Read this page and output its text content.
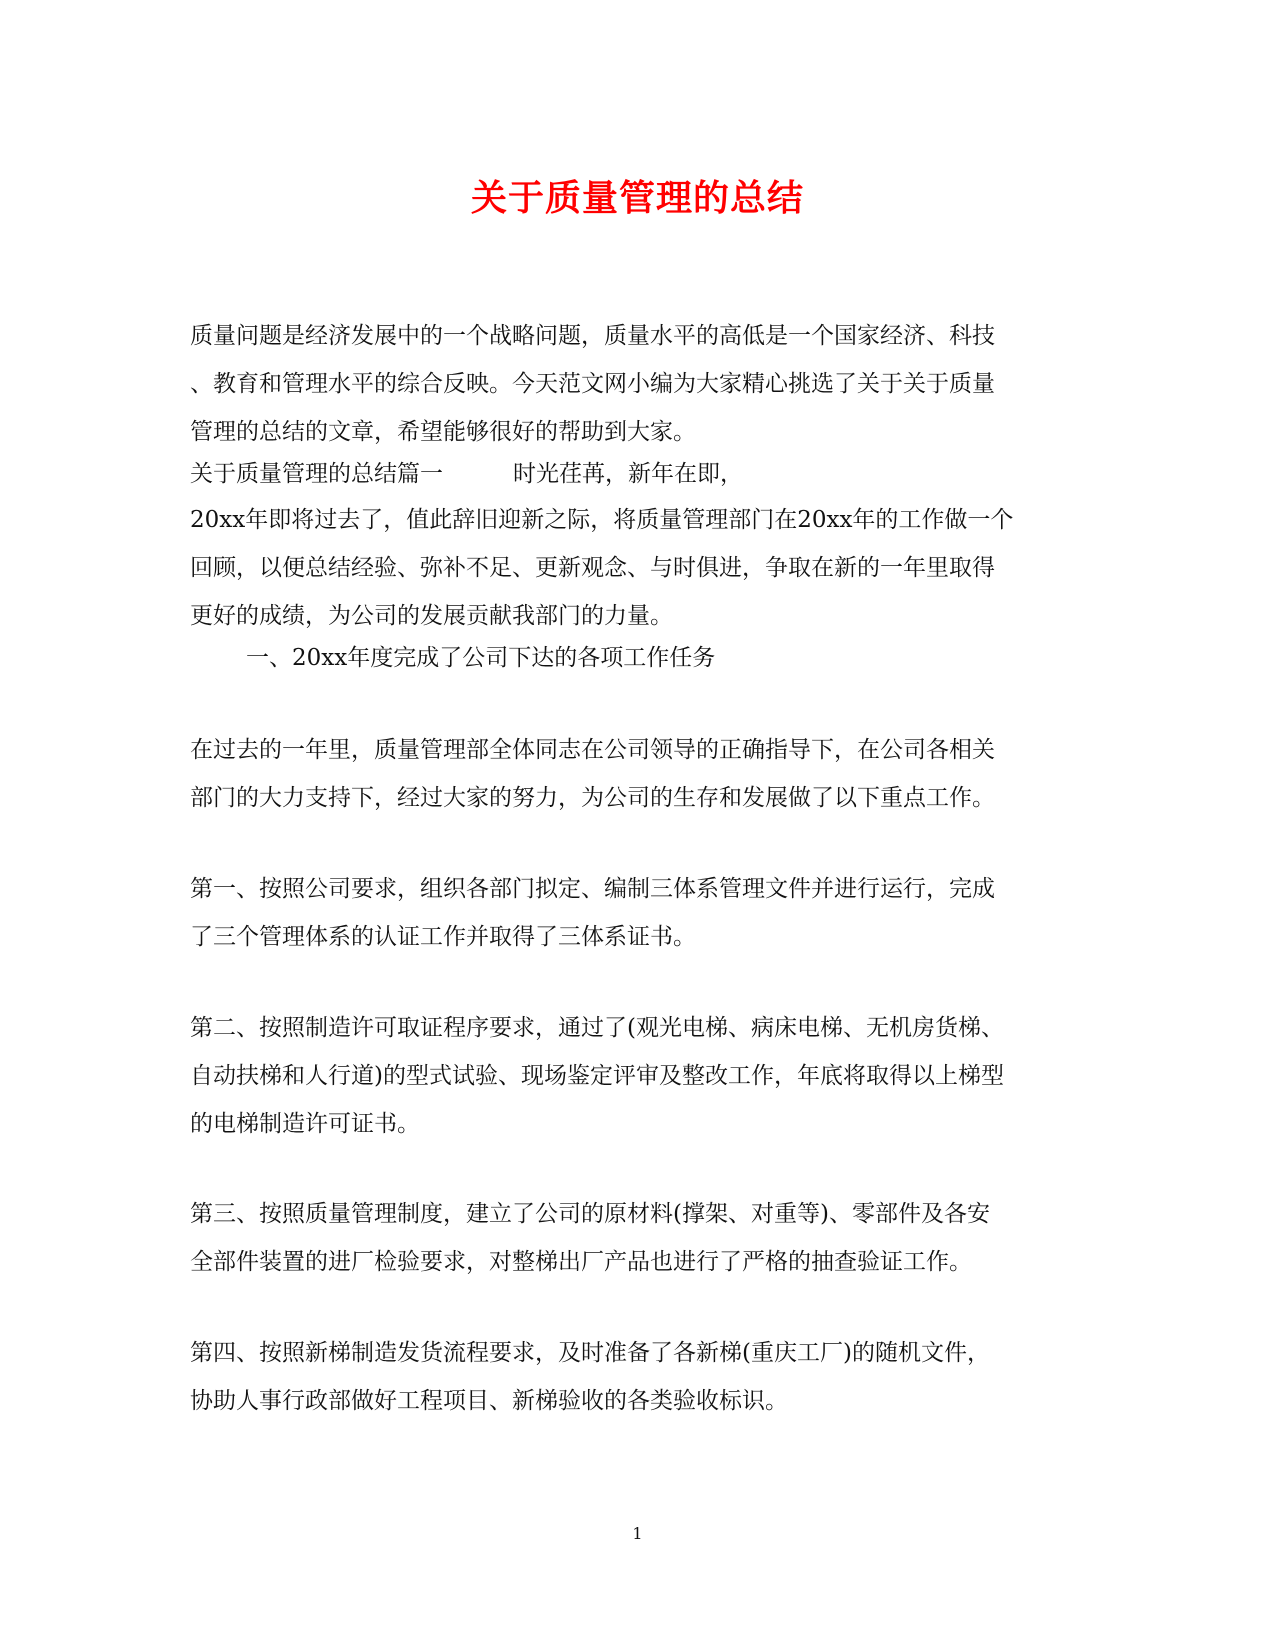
关于质量管理的总结

质量问题是经济发展中的一个战略问题，质量水平的高低是一个国家经济、科技
、教育和管理水平的综合反映。今天范文网小编为大家精心挑选了关于关于质量
管理的总结的文章，希望能够很好的帮助到大家。

关于质量管理的总结篇一	时光荏苒，新年在即，

20xx年即将过去了，值此辞旧迎新之际，将质量管理部门在20xx年的工作做一个
回顾，以便总结经验、弥补不足、更新观念、与时俱进，争取在新的一年里取得
更好的成绩，为公司的发展贡献我部门的力量。

一、20xx年度完成了公司下达的各项工作任务

在过去的一年里，质量管理部全体同志在公司领导的正确指导下，在公司各相关
部门的大力支持下，经过大家的努力，为公司的生存和发展做了以下重点工作。

第一、按照公司要求，组织各部门拟定、编制三体系管理文件并进行运行，完成
了三个管理体系的认证工作并取得了三体系证书。

第二、按照制造许可取证程序要求，通过了(观光电梯、病床电梯、无机房货梯、
自动扶梯和人行道)的型式试验、现场鉴定评审及整改工作，年底将取得以上梯型
的电梯制造许可证书。

第三、按照质量管理制度，建立了公司的原材料(撑架、对重等)、零部件及各安
全部件装置的进厂检验要求，对整梯出厂产品也进行了严格的抽查验证工作。

第四、按照新梯制造发货流程要求，及时准备了各新梯(重庆工厂)的随机文件，
协助人事行政部做好工程项目、新梯验收的各类验收标识。

1
